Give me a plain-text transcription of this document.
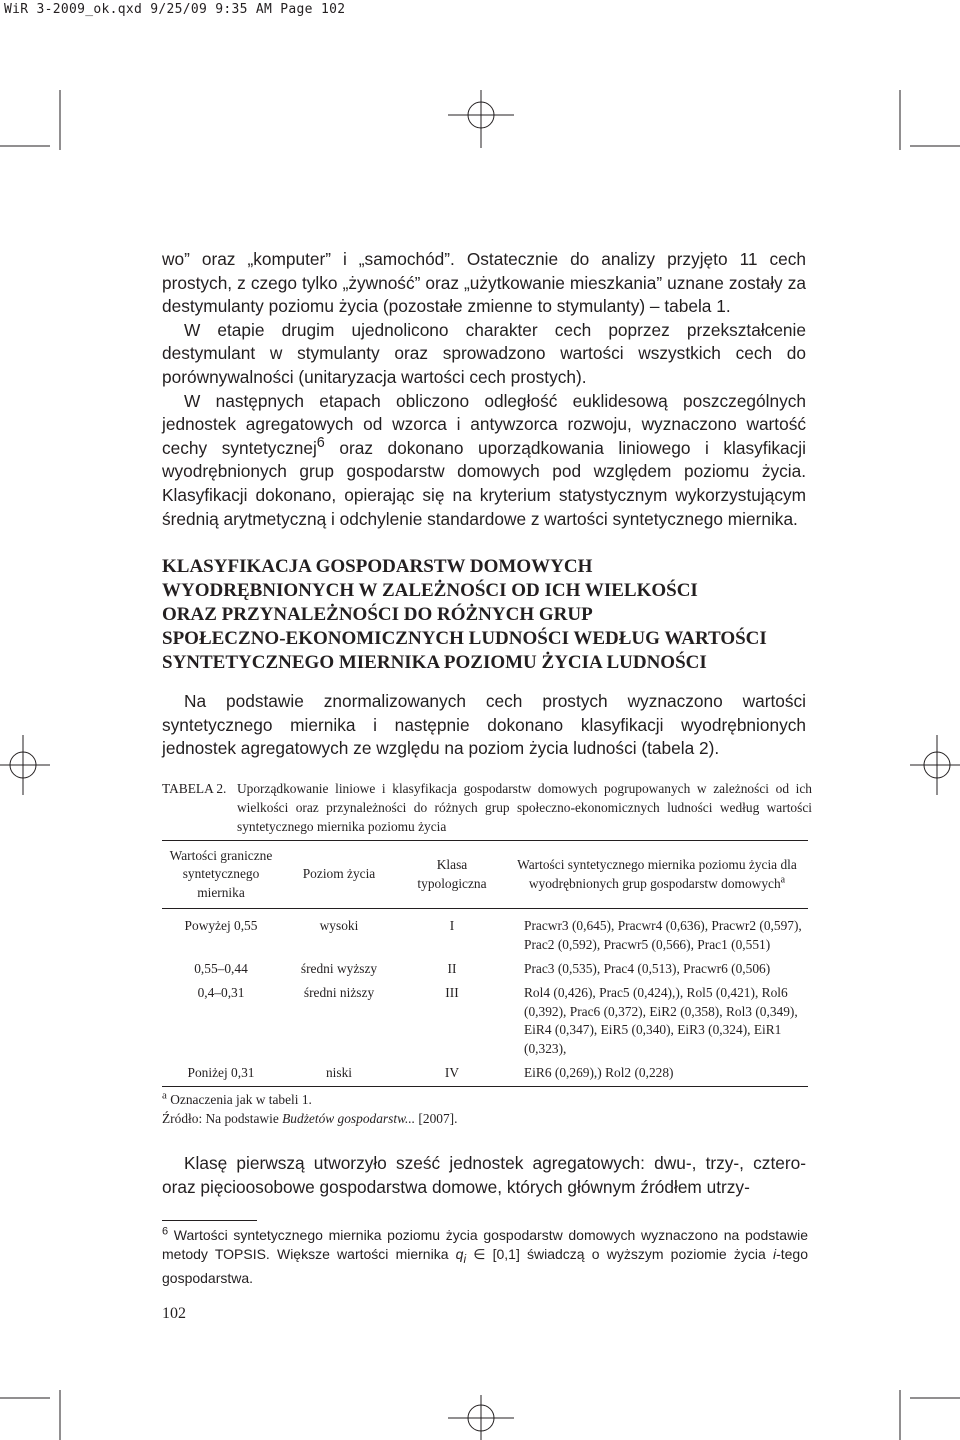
WiR 3-2009_ok.qxd 9/25/09 9:35 AM Page 102

wo” oraz „komputer” i „samochód”. Ostatecznie do analizy przyjęto 11 cech prostych, z czego tylko „żywność” oraz „użytkowanie mieszkania” uznane zostały za destymulanty poziomu życia (pozostałe zmienne to stymulanty) – tabela 1.

W etapie drugim ujednolicono charakter cech poprzez przekształcenie destymulant w stymulanty oraz sprowadzono wartości wszystkich cech do porównywalności (unitaryzacja wartości cech prostych).

W następnych etapach obliczono odległość euklidesową poszczególnych jednostek agregatowych od wzorca i antywzorca rozwoju, wyznaczono wartość cechy syntetycznej$^6$ oraz dokonano uporządkowania liniowego i klasyfikacji wyodrębnionych grup gospodarstw domowych pod względem poziomu życia. Klasyfikacji dokonano, opierając się na kryterium statystycznym wykorzystującym średnią arytmetyczną i odchylenie standardowe z wartości syntetycznego miernika.

KLASYFIKACJA GOSPODARSTW DOMOWYCH
WYODRĘBNIONYCH W ZALEŻNOŚCI OD ICH WIELKOŚCI
ORAZ PRZYNALEŻNOŚCI DO RÓŻNYCH GRUP
SPOŁECZNO-EKONOMICZNYCH LUDNOŚCI WEDŁUG WARTOŚCI
SYNTETYCZNEGO MIERNIKA POZIOMU ŻYCIA LUDNOŚCI

Na podstawie znormalizowanych cech prostych wyznaczono wartości syntetycznego miernika i następnie dokonano klasyfikacji wyodrębnionych jednostek agregatowych ze względu na poziom życia ludności (tabela 2).

TABELA 2. Uporządkowanie liniowe i klasyfikacja gospodarstw domowych pogrupowanych w zależności od ich wielkości oraz przynależności do różnych grup społeczno-ekonomicznych ludności według wartości syntetycznego miernika poziomu życia
Wartości graniczne syntetycznego miernika	Poziom życia	Klasa typologiczna	Wartości syntetycznego miernika poziomu życia dla wyodrębnionych grup gospodarstw domowych$^a$
Powyżej 0,55	wysoki	I	Pracwr3 (0,645), Pracwr4 (0,636), Pracwr2 (0,597), Prac2 (0,592), Pracwr5 (0,566), Prac1 (0,551)
0,55–0,44	średni wyższy	II	Prac3 (0,535), Prac4 (0,513), Pracwr6 (0,506)
0,4–0,31	średni niższy	III	Rol4 (0,426), Prac5 (0,424),), Rol5 (0,421), Rol6 (0,392), Prac6 (0,372), EiR2 (0,358), Rol3 (0,349), EiR4 (0,347), EiR5 (0,340), EiR3 (0,324), EiR1 (0,323),
Poniżej 0,31	niski	IV	EiR6 (0,269),) Rol2 (0,228)
$^a$ Oznaczenia jak w tabeli 1.
Źródło: Na podstawie Budżetów gospodarstw... [2007].

Klasę pierwszą utworzyło sześć jednostek agregatowych: dwu-, trzy-, cztero- oraz pięcioosobowe gospodarstwa domowe, których głównym źródłem utrzy-

$^6$ Wartości syntetycznego miernika poziomu życia gospodarstw domowych wyznaczono na podstawie metody TOPSIS. Większe wartości miernika $q_i$ ∈ [0,1] świadczą o wyższym poziomie życia i-tego gospodarstwa.

102
